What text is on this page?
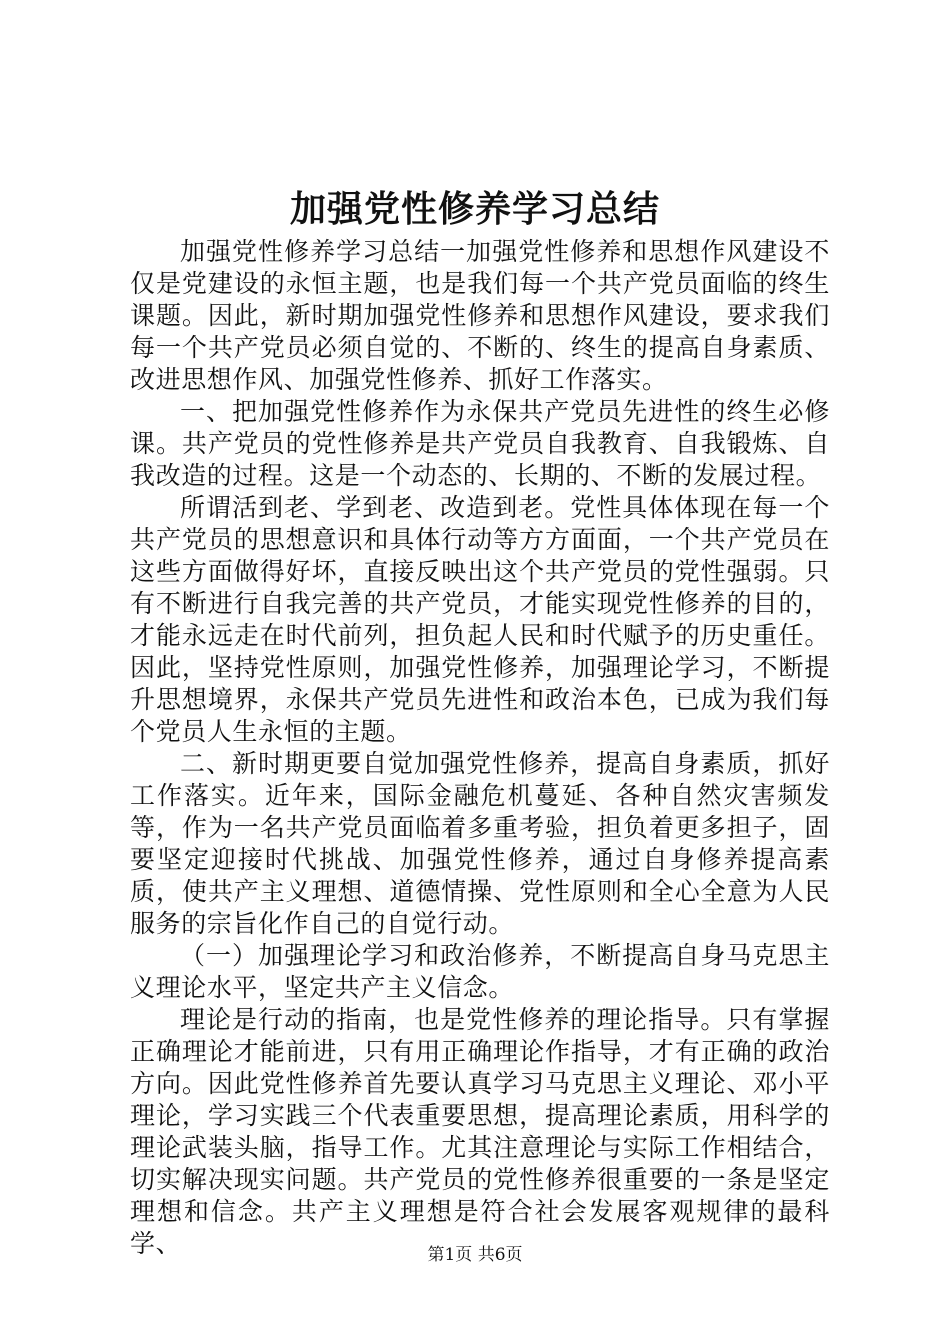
加强党性修养学习总结

加强党性修养学习总结一加强党性修养和思想作风建设不仅是党建设的永恒主题，也是我们每一个共产党员面临的终生课题。因此，新时期加强党性修养和思想作风建设，要求我们每一个共产党员必须自觉的、不断的、终生的提高自身素质、改进思想作风、加强党性修养、抓好工作落实。

一、把加强党性修养作为永保共产党员先进性的终生必修课。共产党员的党性修养是共产党员自我教育、自我锻炼、自我改造的过程。这是一个动态的、长期的、不断的发展过程。

所谓活到老、学到老、改造到老。党性具体体现在每一个共产党员的思想意识和具体行动等方方面面，一个共产党员在这些方面做得好坏，直接反映出这个共产党员的党性强弱。只有不断进行自我完善的共产党员，才能实现党性修养的目的，才能永远走在时代前列，担负起人民和时代赋予的历史重任。因此，坚持党性原则，加强党性修养，加强理论学习，不断提升思想境界，永保共产党员先进性和政治本色，已成为我们每个党员人生永恒的主题。

二、新时期更要自觉加强党性修养，提高自身素质，抓好工作落实。近年来，国际金融危机蔓延、各种自然灾害频发等，作为一名共产党员面临着多重考验，担负着更多担子，固要坚定迎接时代挑战、加强党性修养，通过自身修养提高素质，使共产主义理想、道德情操、党性原则和全心全意为人民服务的宗旨化作自己的自觉行动。

（一）加强理论学习和政治修养，不断提高自身马克思主义理论水平，坚定共产主义信念。

理论是行动的指南，也是党性修养的理论指导。只有掌握正确理论才能前进，只有用正确理论作指导，才有正确的政治方向。因此党性修养首先要认真学习马克思主义理论、邓小平理论，学习实践三个代表重要思想，提高理论素质，用科学的理论武装头脑，指导工作。尤其注意理论与实际工作相结合，切实解决现实问题。共产党员的党性修养很重要的一条是坚定理想和信念。共产主义理想是符合社会发展客观规律的最科学、	第1页 共6页
